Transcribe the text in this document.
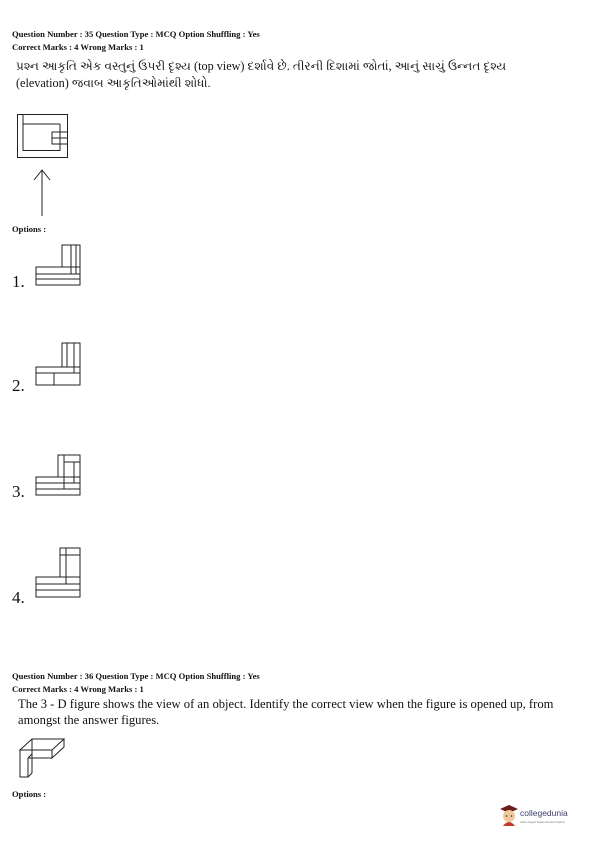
Question Number : 35 Question Type : MCQ Option Shuffling : Yes
Correct Marks : 4 Wrong Marks : 1
પ્રશ્ન આકૃતિ એક વસ્તુનું ઉપરી દૃશ્ય (top view) દર્શાવે છે. તીરની દિશામાં જોતાં, આનું સાચું ઉન્નત દૃશ્ય (elevation) જવાબ આકૃતિઓમાંથી શોધો.
Options :
1.
2.
3.
4.
Question Number : 36 Question Type : MCQ Option Shuffling : Yes
Correct Marks : 4 Wrong Marks : 1
The 3 - D figure shows the view of an object. Identify the correct view when the figure is opened up, from amongst the answer figures.
Options :
collegedunia
India's largest Student Review Platform
